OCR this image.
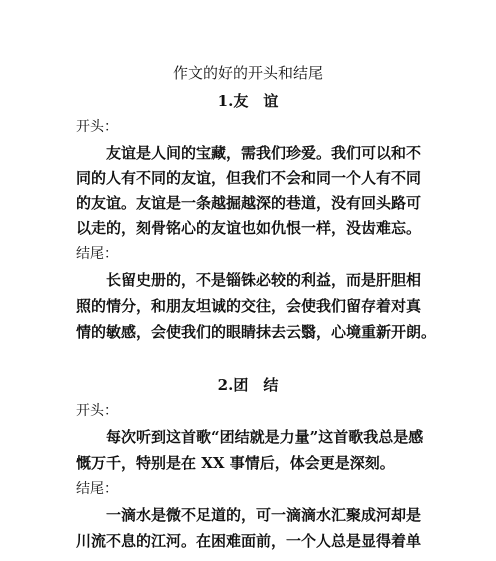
作文的好的开头和结尾
1.友　谊
开头：
友谊是人间的宝藏，需我们珍爱。我们可以和不
同的人有不同的友谊，但我们不会和同一个人有不同
的友谊。友谊是一条越掘越深的巷道，没有回头路可
以走的，刻骨铭心的友谊也如仇恨一样，没齿难忘。
结尾：
长留史册的，不是锱铢必较的利益，而是肝胆相
照的情分，和朋友坦诚的交往，会使我们留存着对真
情的敏感，会使我们的眼睛抹去云翳，心境重新开朗。
2.团　结
开头：
每次听到这首歌“团结就是力量”这首歌我总是感
慨万千，特别是在 XX 事情后，体会更是深刻。
结尾：
一滴水是微不足道的，可一滴滴水汇聚成河却是
川流不息的江河。在困难面前，一个人总是显得着单
